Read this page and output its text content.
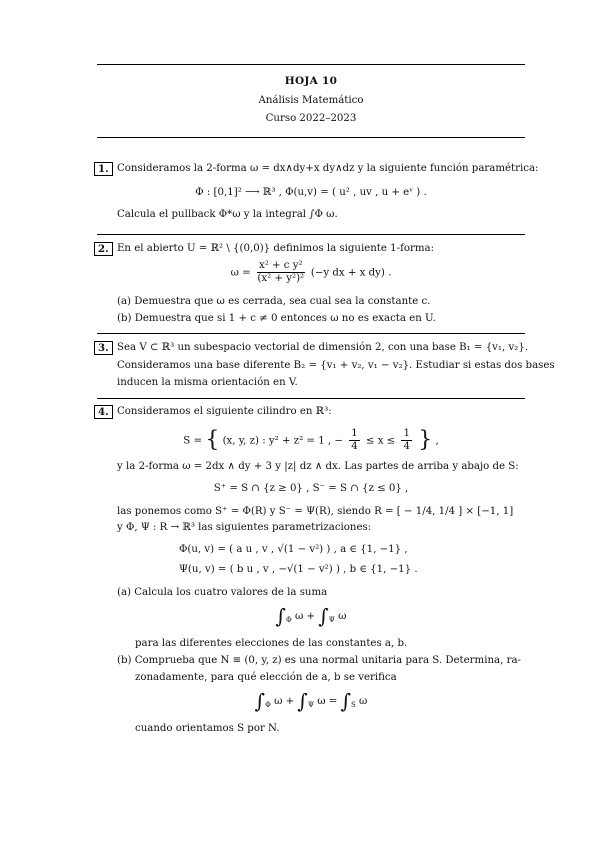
HOJA 10
Análisis Matemático
Curso 2022–2023
1. Consideramos la 2-forma ω = dx∧dy+x dy∧dz y la siguiente función paramétrica:
Φ : [0,1]² ⟶ ℝ³ , Φ(u,v) = ( u² , uv , u + eᵛ ) .
Calcula el pullback Φ*ω y la integral ∫Φ ω.
2. En el abierto U = ℝ² \ {(0,0)} definimos la siguiente 1-forma:
$\omega = \frac{\text{x² + c y²}}{\text{(x² + y²)²}} (-y$ dx + x dy) .
(a) Demuestra que ω es cerrada, sea cual sea la constante c.
(b) Demuestra que si 1 + c ≠ 0 entonces ω no es exacta en U.
3. Sea V ⊂ ℝ³ un subespacio vectorial de dimensión 2, con una base B₁ = {v₁, v₂}.
Consideramos una base diferente B₂ = {v₁ + v₂, v₁ − v₂}. Estudiar si estas dos bases
inducen la misma orientación en V.
4. Consideramos el siguiente cilindro en ℝ³:
S = { (x, y, z) : y² + z² = 1 , − $\frac{1}{4} \le x \le \frac{1}{4}$ } ,
y la 2-forma ω = 2dx ∧ dy + 3 y |z| dz ∧ dx. Las partes de arriba y abajo de S:
S⁺ = S ∩ {z ≥ 0} , S⁻ = S ∩ {z ≤ 0} ,
las ponemos como S⁺ = Φ(R) y S⁻ = Ψ(R), siendo R = [ − 1/4, 1/4 ] × [−1, 1]
y Φ, Ψ : R → ℝ³ las siguientes parametrizaciones:
Φ(u, v) = ( a u , v , √(1 − v²) ) , a ∈ {1, −1} ,
Ψ(u, v) = ( b u , v , −√(1 − v²) ) , b ∈ {1, −1} .
(a) Calcula los cuatro valores de la suma
$\int_\Phi$ $\omega + \int_\Psi$ ω
para las diferentes elecciones de las constantes a, b.
(b) Comprueba que N ≡ (0, y, z) es una normal unitaria para S. Determina, ra-
zonadamente, para qué elección de a, b se verifica
$\int_\Phi$ $\omega + \int_\Psi$ $\omega = \int_S$ ω
cuando orientamos S por N.
